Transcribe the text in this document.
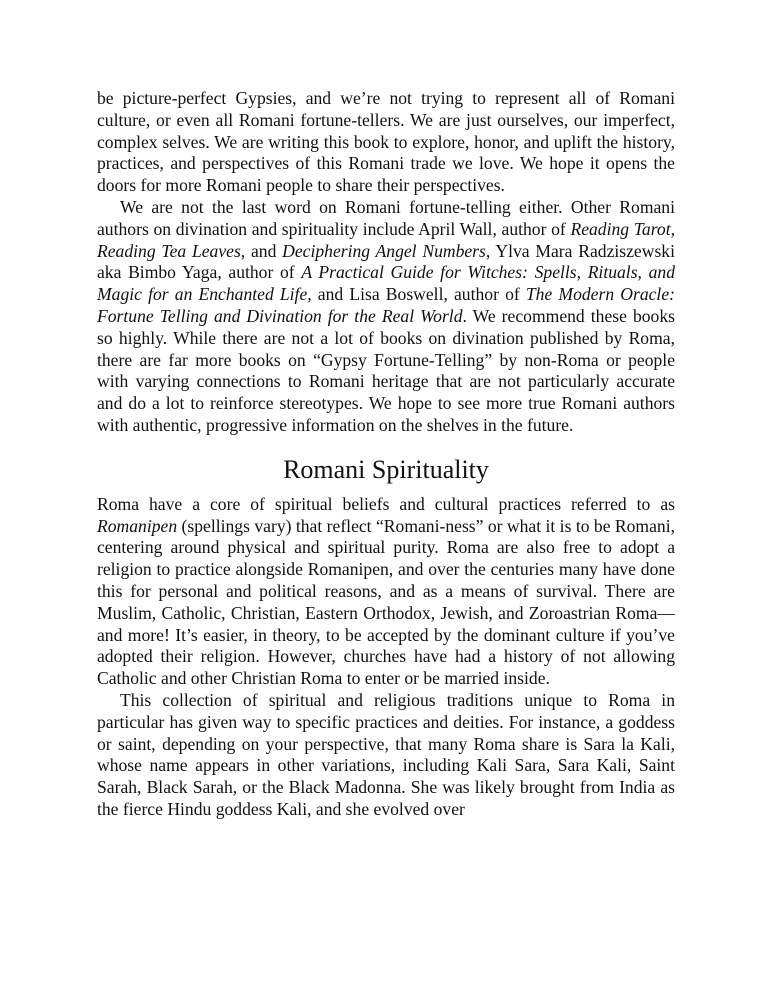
be picture-perfect Gypsies, and we’re not trying to represent all of Romani culture, or even all Romani fortune-tellers. We are just ourselves, our imperfect, complex selves. We are writing this book to explore, honor, and uplift the history, practices, and perspectives of this Romani trade we love. We hope it opens the doors for more Romani people to share their perspectives.

We are not the last word on Romani fortune-telling either. Other Romani authors on divination and spirituality include April Wall, author of Reading Tarot, Reading Tea Leaves, and Deciphering Angel Numbers, Ylva Mara Radziszewski aka Bimbo Yaga, author of A Practical Guide for Witches: Spells, Rituals, and Magic for an Enchanted Life, and Lisa Boswell, author of The Modern Oracle: Fortune Telling and Divination for the Real World. We recommend these books so highly. While there are not a lot of books on divination published by Roma, there are far more books on “Gypsy Fortune-Telling” by non-Roma or people with varying connections to Romani heritage that are not particularly accurate and do a lot to reinforce stereotypes. We hope to see more true Romani authors with authentic, progressive information on the shelves in the future.

Romani Spirituality

Roma have a core of spiritual beliefs and cultural practices referred to as Romanipen (spellings vary) that reflect “Romani-ness” or what it is to be Romani, centering around physical and spiritual purity. Roma are also free to adopt a religion to practice alongside Romanipen, and over the centuries many have done this for personal and political reasons, and as a means of survival. There are Muslim, Catholic, Christian, Eastern Orthodox, Jewish, and Zoroastrian Roma—and more! It’s easier, in theory, to be accepted by the dominant culture if you’ve adopted their religion. However, churches have had a history of not allowing Catholic and other Christian Roma to enter or be married inside.

This collection of spiritual and religious traditions unique to Roma in particular has given way to specific practices and deities. For instance, a goddess or saint, depending on your perspective, that many Roma share is Sara la Kali, whose name appears in other variations, including Kali Sara, Sara Kali, Saint Sarah, Black Sarah, or the Black Madonna. She was likely brought from India as the fierce Hindu goddess Kali, and she evolved over
